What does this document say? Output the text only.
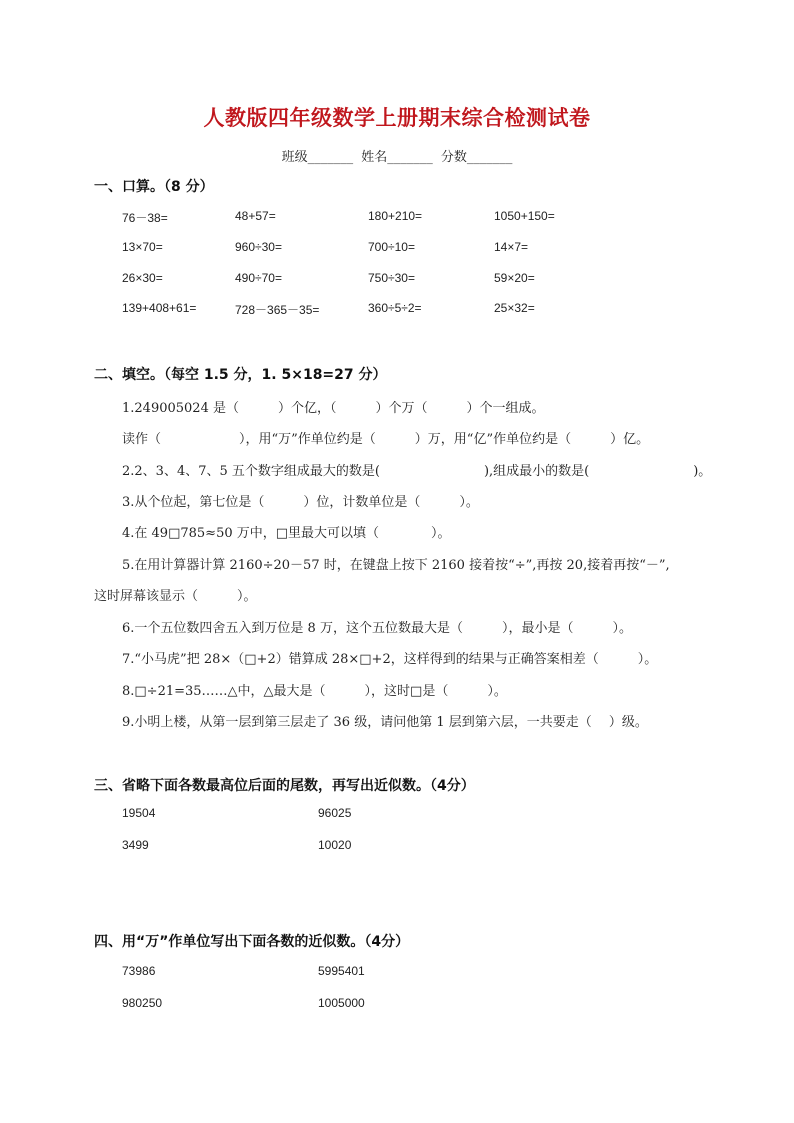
人教版四年级数学上册期末综合检测试卷
班级_______ 姓名_______ 分数_______
一、口算。（8 分）
76－38=	48+57=	180+210=	1050+150=
13×70=	960÷30=	700÷10=	14×7=
26×30=	490÷70=	750÷30=	59×20=
139+408+61=	728－365－35=	360÷5÷2=	25×32=
二、填空。（每空 1.5 分，1. 5×18=27 分）
1.249005024 是（　　　）个亿，（　　　）个万（　　　）个一组成。
读作（　　　　　　），用“万”作单位约是（　　　）万，用“亿”作单位约是（　　　）亿。
2.2、3、4、7、5 五个数字组成最大的数是(　　　　　　　　),组成最小的数是(　　　　　　　　)。
3.从个位起，第七位是（　　　）位，计数单位是（　　　）。
4.在 49□785≈50 万中，□里最大可以填（　　　　）。
5.在用计算器计算 2160÷20－57 时，在键盘上按下 2160 接着按“÷”,再按 20,接着再按“－”,
这时屏幕该显示（　　　）。
6.一个五位数四舍五入到万位是 8 万，这个五位数最大是（　　　），最小是（　　　）。
7.“小马虎”把 28×（□+2）错算成 28×□+2，这样得到的结果与正确答案相差（　　　）。
8.□÷21=35……△中，△最大是（　　　），这时□是（　　　）。
9.小明上楼，从第一层到第三层走了 36 级，请问他第 1 层到第六层，一共要走（　 ）级。
三、省略下面各数最高位后面的尾数，再写出近似数。（4分）
19504	96025
3499	10020
四、用“万”作单位写出下面各数的近似数。（4分）
73986	5995401
980250	1005000
